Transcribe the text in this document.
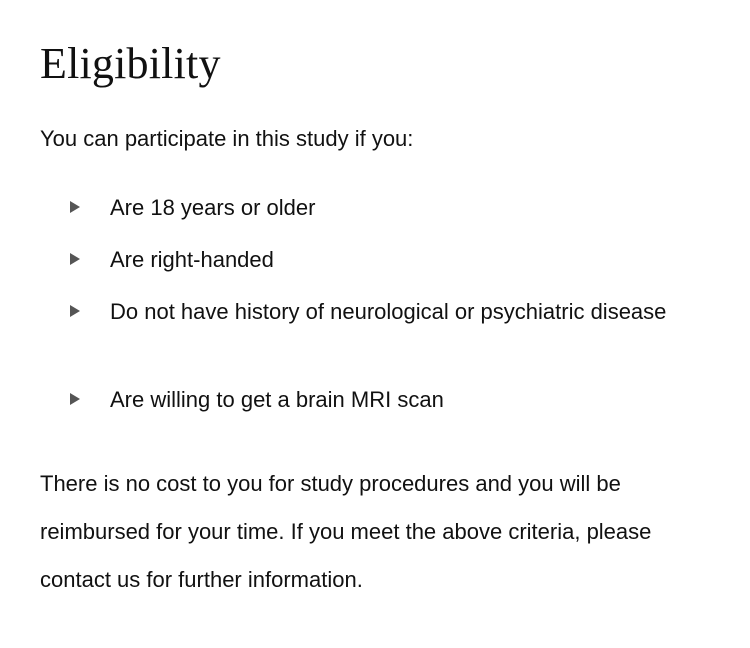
Eligibility

You can participate in this study if you:

Are 18 years or older
Are right-handed
Do not have history of neurological or psychiatric disease
Are willing to get a brain MRI scan

There is no cost to you for study procedures and you will be reimbursed for your time. If you meet the above criteria, please contact us for further information.
